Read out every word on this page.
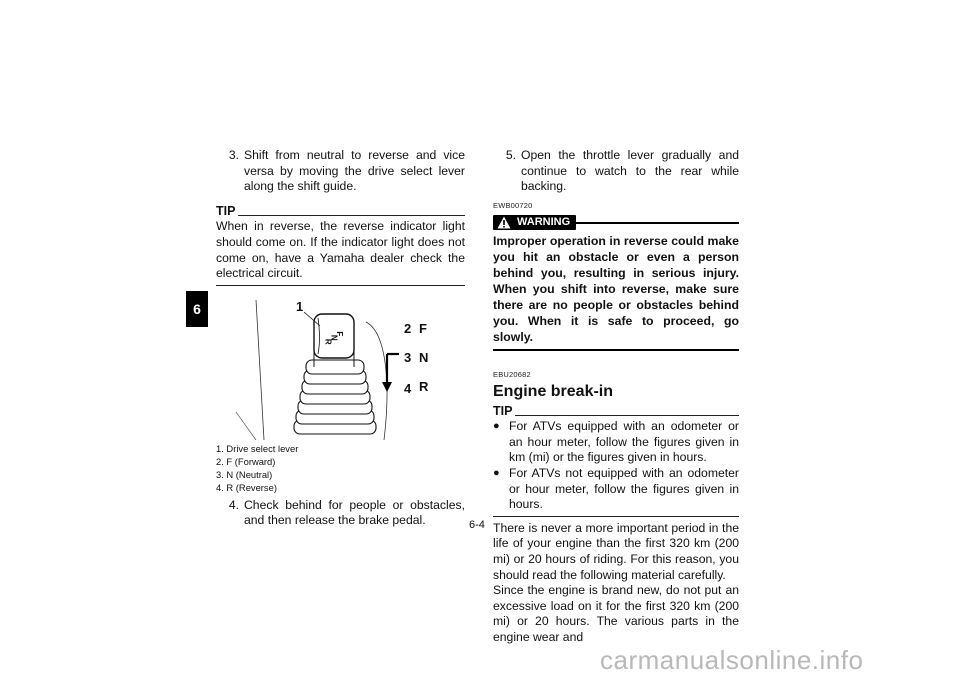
6
3. Shift from neutral to reverse and vice versa by moving the drive select lever along the shift guide.
TIP
When in reverse, the reverse indicator light should come on. If the indicator light does not come on, have a Yamaha dealer check the electrical circuit.
1
F
N
R
2 F
3 N
4 R
1. Drive select lever
2. F (Forward)
3. N (Neutral)
4. R (Reverse)
4. Check behind for people or obstacles, and then release the brake pedal.
5. Open the throttle lever gradually and continue to watch to the rear while backing.
EWB00720
WARNING
Improper operation in reverse could make you hit an obstacle or even a person behind you, resulting in serious injury. When you shift into reverse, make sure there are no people or obstacles behind you. When it is safe to proceed, go slowly.
EBU20682
Engine break-in
TIP
● For ATVs equipped with an odometer or an hour meter, follow the figures given in km (mi) or the figures given in hours.
● For ATVs not equipped with an odometer or hour meter, follow the figures given in hours.
There is never a more important period in the life of your engine than the first 320 km (200 mi) or 20 hours of riding. For this reason, you should read the following material carefully.
Since the engine is brand new, do not put an excessive load on it for the first 320 km (200 mi) or 20 hours. The various parts in the engine wear and
6-4
carmanualsonline.info
